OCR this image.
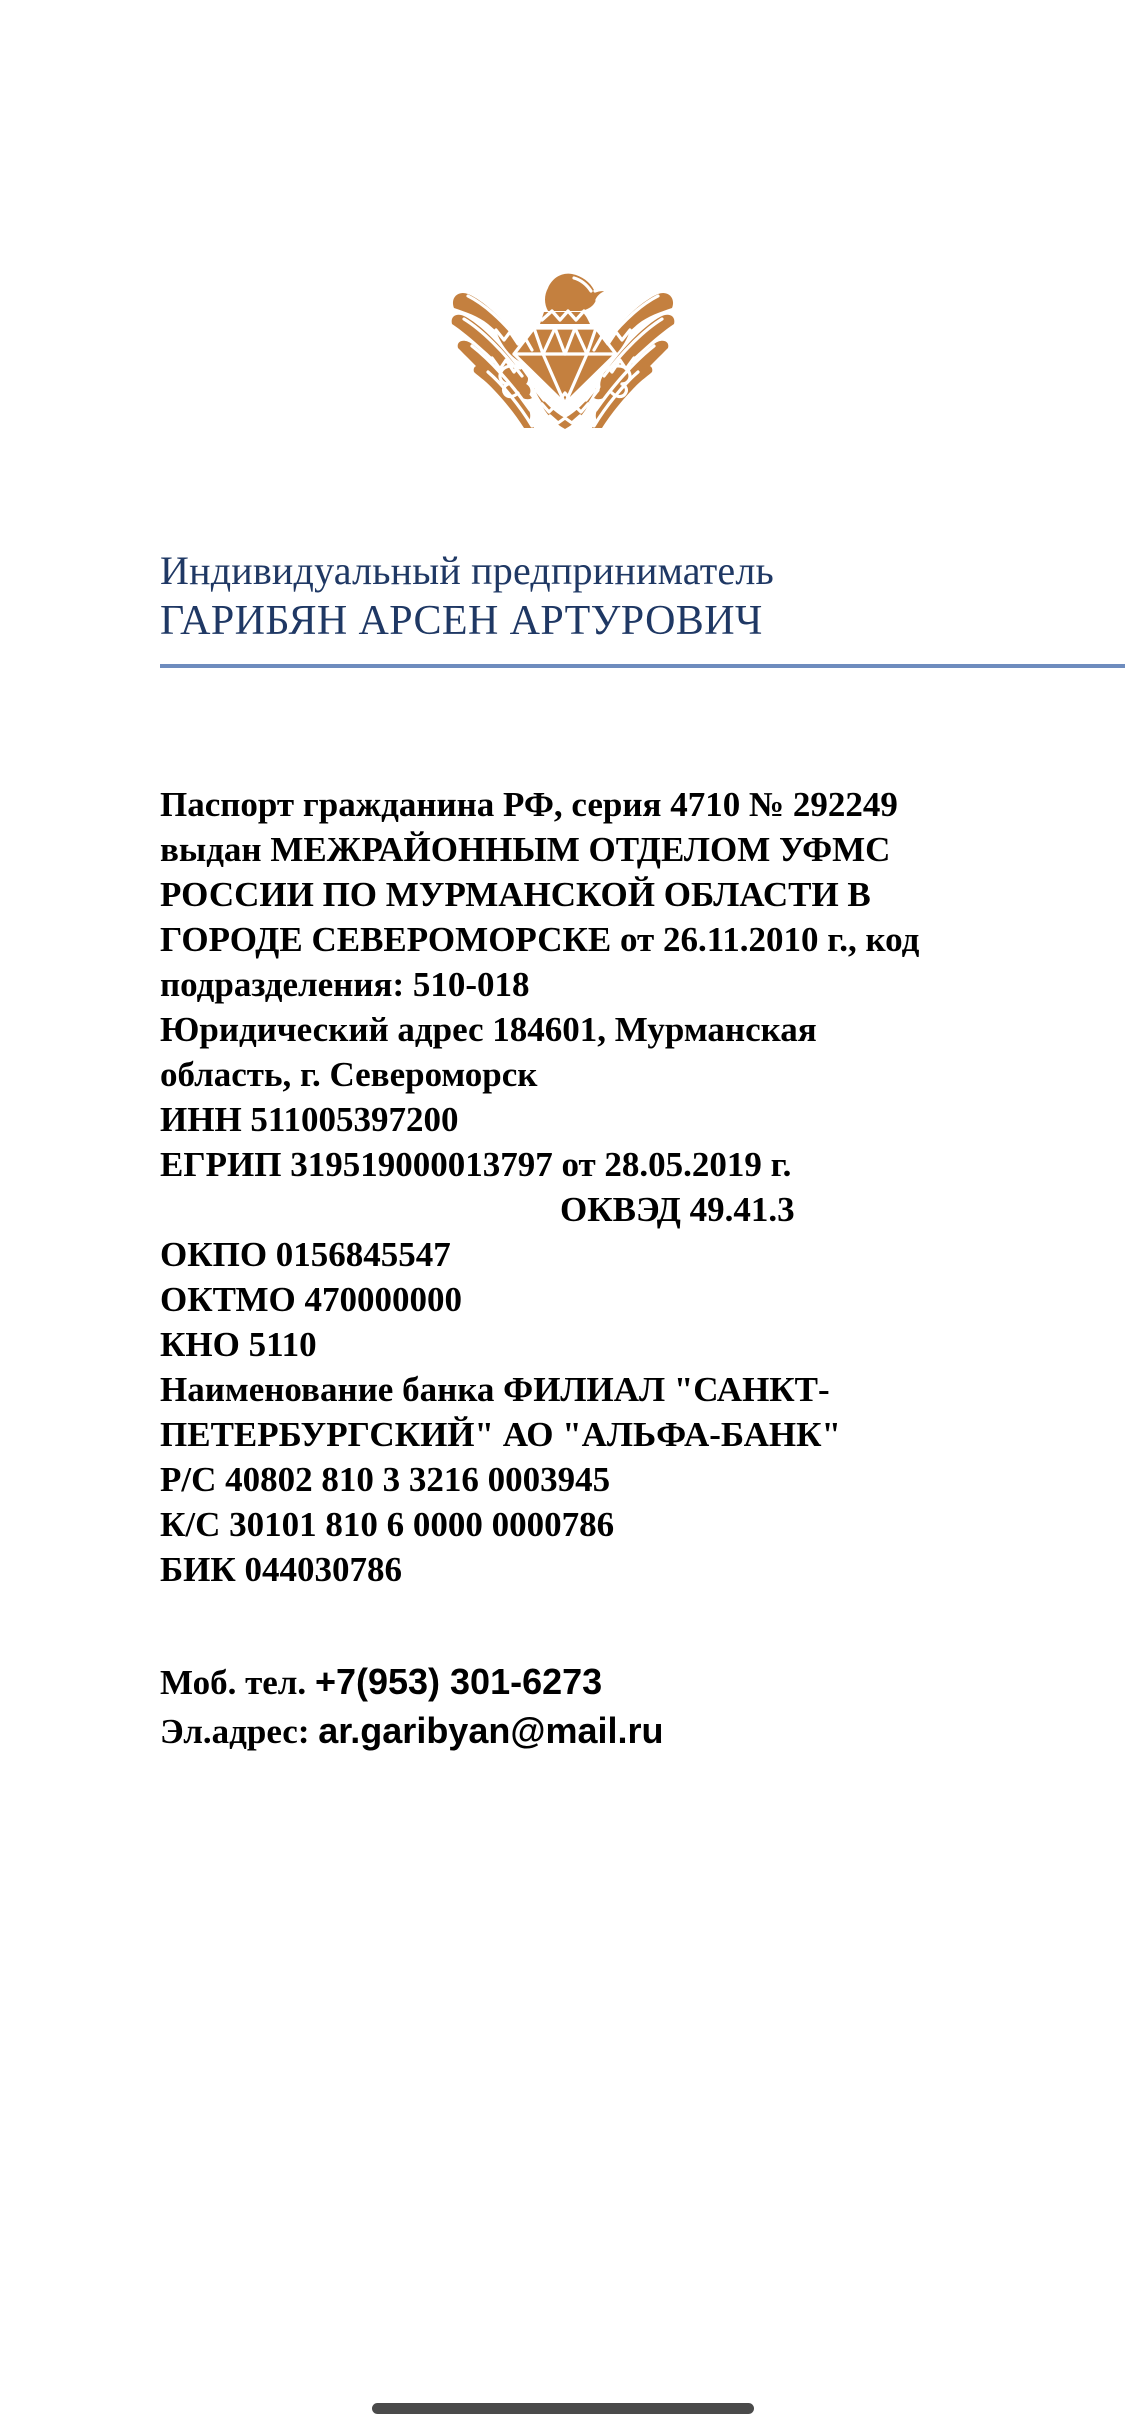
Индивидуальный предприниматель
ГАРИБЯН АРСЕН АРТУРОВИЧ
Паспорт гражданина РФ, серия 4710 № 292249
выдан МЕЖРАЙОННЫМ ОТДЕЛОМ УФМС
РОССИИ ПО МУРМАНСКОЙ ОБЛАСТИ В
ГОРОДЕ СЕВЕРОМОРСКЕ от 26.11.2010 г., код
подразделения: 510-018
Юридический адрес 184601, Мурманская
область, г. Североморск
ИНН 511005397200
ЕГРИП 319519000013797 от 28.05.2019 г.
ОКВЭД 49.41.3
ОКПО 0156845547
ОКТМО 470000000
КНО 5110
Наименование банка ФИЛИАЛ "САНКТ-
ПЕТЕРБУРГСКИЙ" АО "АЛЬФА-БАНК"
Р/С 40802 810 3 3216 0003945
К/С 30101 810 6 0000 0000786
БИК 044030786
Моб. тел. +7(953) 301-6273
Эл.адрес: ar.garibyan@mail.ru
